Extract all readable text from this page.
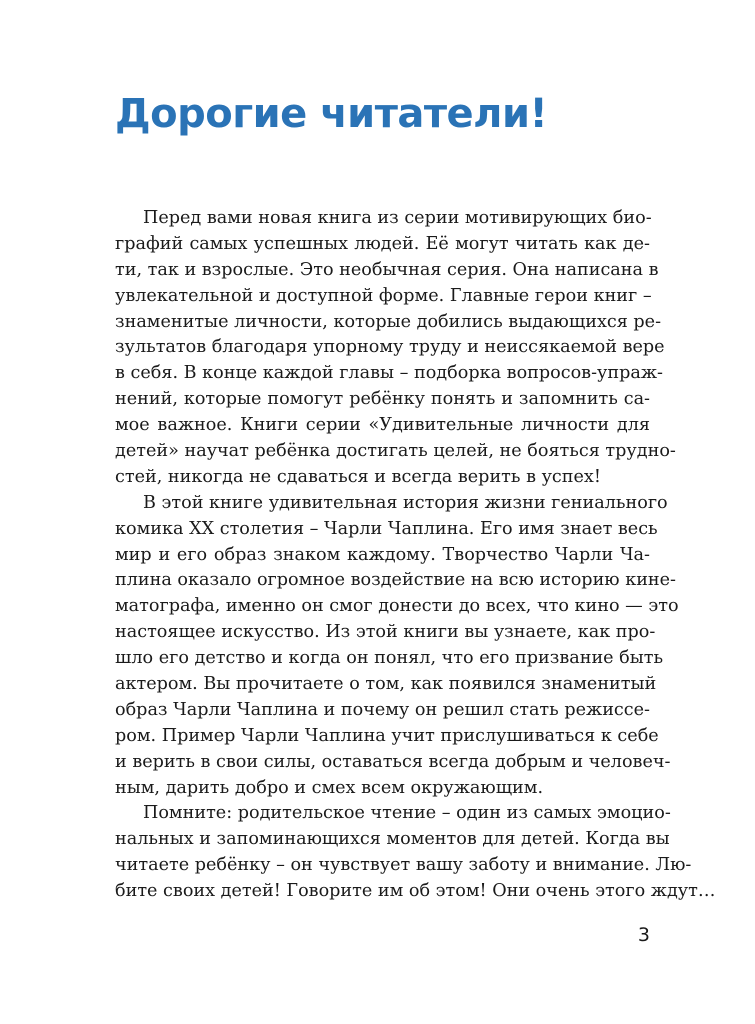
Дорогие читатели!

Перед вами новая книга из серии мотивирующих био-
графий самых успешных людей. Её могут читать как де-
ти, так и взрослые. Это необычная серия. Она написана в
увлекательной и доступной форме. Главные герои книг –
знаменитые личности, которые добились выдающихся ре-
зультатов благодаря упорному труду и неиссякаемой вере
в себя. В конце каждой главы – подборка вопросов-упраж-
нений, которые помогут ребёнку понять и запомнить са-
мое важное. Книги серии «Удивительные личности для
детей» научат ребёнка достигать целей, не бояться трудно-
стей, никогда не сдаваться и всегда верить в успех!

В этой книге удивительная история жизни гениального
комика XX столетия – Чарли Чаплина. Его имя знает весь
мир и его образ знаком каждому. Творчество Чарли Ча-
плина оказало огромное воздействие на всю историю кине-
матографа, именно он смог донести до всех, что кино — это
настоящее искусство. Из этой книги вы узнаете, как про-
шло его детство и когда он понял, что его призвание быть
актером. Вы прочитаете о том, как появился знаменитый
образ Чарли Чаплина и почему он решил стать режиссе-
ром. Пример Чарли Чаплина учит прислушиваться к себе
и верить в свои силы, оставаться всегда добрым и человеч-
ным, дарить добро и смех всем окружающим.

Помните: родительское чтение – один из самых эмоцио-
нальных и запоминающихся моментов для детей. Когда вы
читаете ребёнку – он чувствует вашу заботу и внимание. Лю-
бите своих детей! Говорите им об этом! Они очень этого ждут…

3
